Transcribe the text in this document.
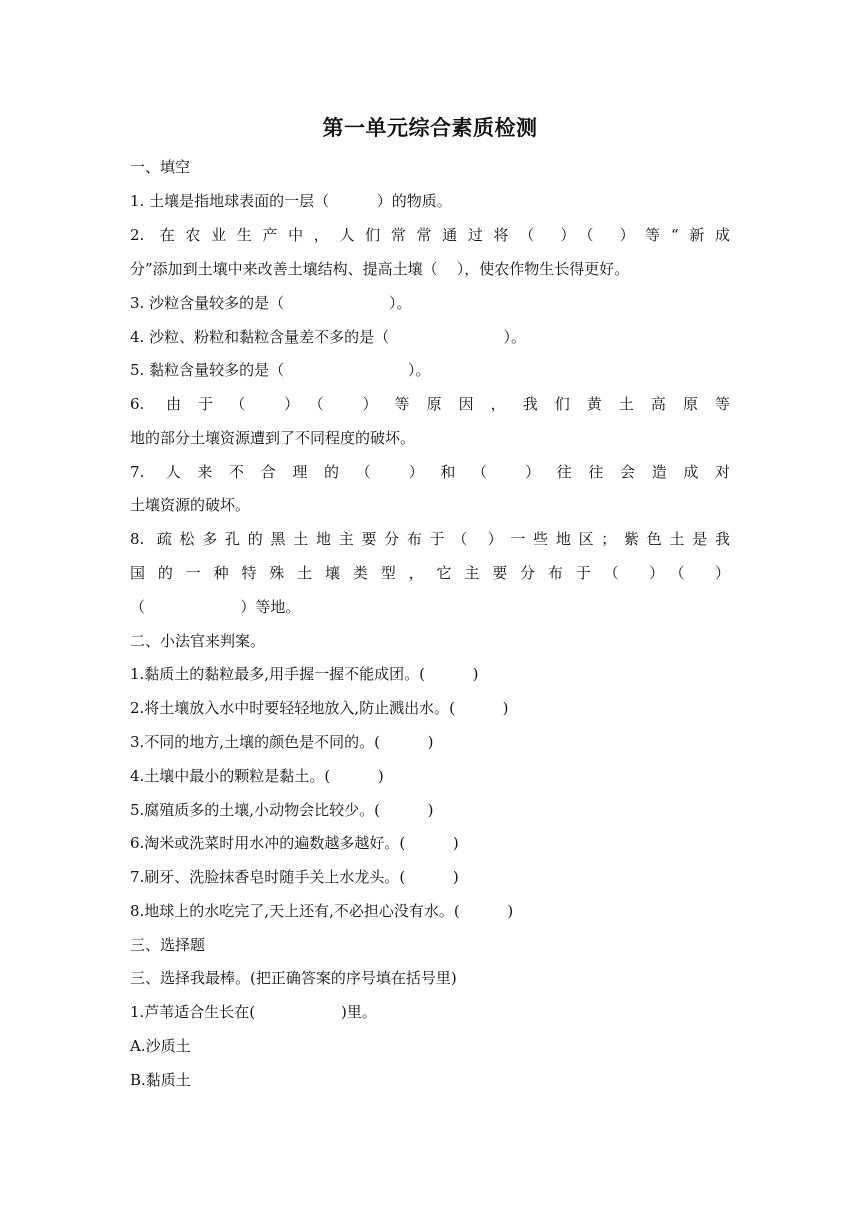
第一单元综合素质检测
一、填空
1. 土壤是指地球表面的一层（          ）的物质。
2. 在农业生产中，人们常常通过将（ ）（ ）等“新成
分”添加到土壤中来改善土壤结构、提高土壤（    ），使农作物生长得更好。
3. 沙粒含量较多的是（                      ）。
4. 沙粒、粉粒和黏粒含量差不多的是（                        ）。
5. 黏粒含量较多的是（                          ）。
6. 由于（ ）（ ）等原因，我们黄土高原等
地的部分土壤资源遭到了不同程度的破坏。
7. 人来不合理的（ ）和（ ）往往会造成对
土壤资源的破坏。
8. 疏松多孔的黑土地主要分布于（ ）一些地区；紫色土是我
国的一种特殊土壤类型，它主要分布于（ ）（ ）
（                    ）等地。
二、小法官来判案。
1.黏质土的黏粒最多,用手握一握不能成团。(          )
2.将土壤放入水中时要轻轻地放入,防止溅出水。(          )
3.不同的地方,土壤的颜色是不同的。(          )
4.土壤中最小的颗粒是黏土。(          )
5.腐殖质多的土壤,小动物会比较少。(          )
6.淘米或洗菜时用水冲的遍数越多越好。(          )
7.刷牙、洗脸抹香皂时随手关上水龙头。(          )
8.地球上的水吃完了,天上还有,不必担心没有水。(          )
三、选择题
三、选择我最棒。(把正确答案的序号填在括号里)
1.芦苇适合生长在(                  )里。
A.沙质土
B.黏质土
